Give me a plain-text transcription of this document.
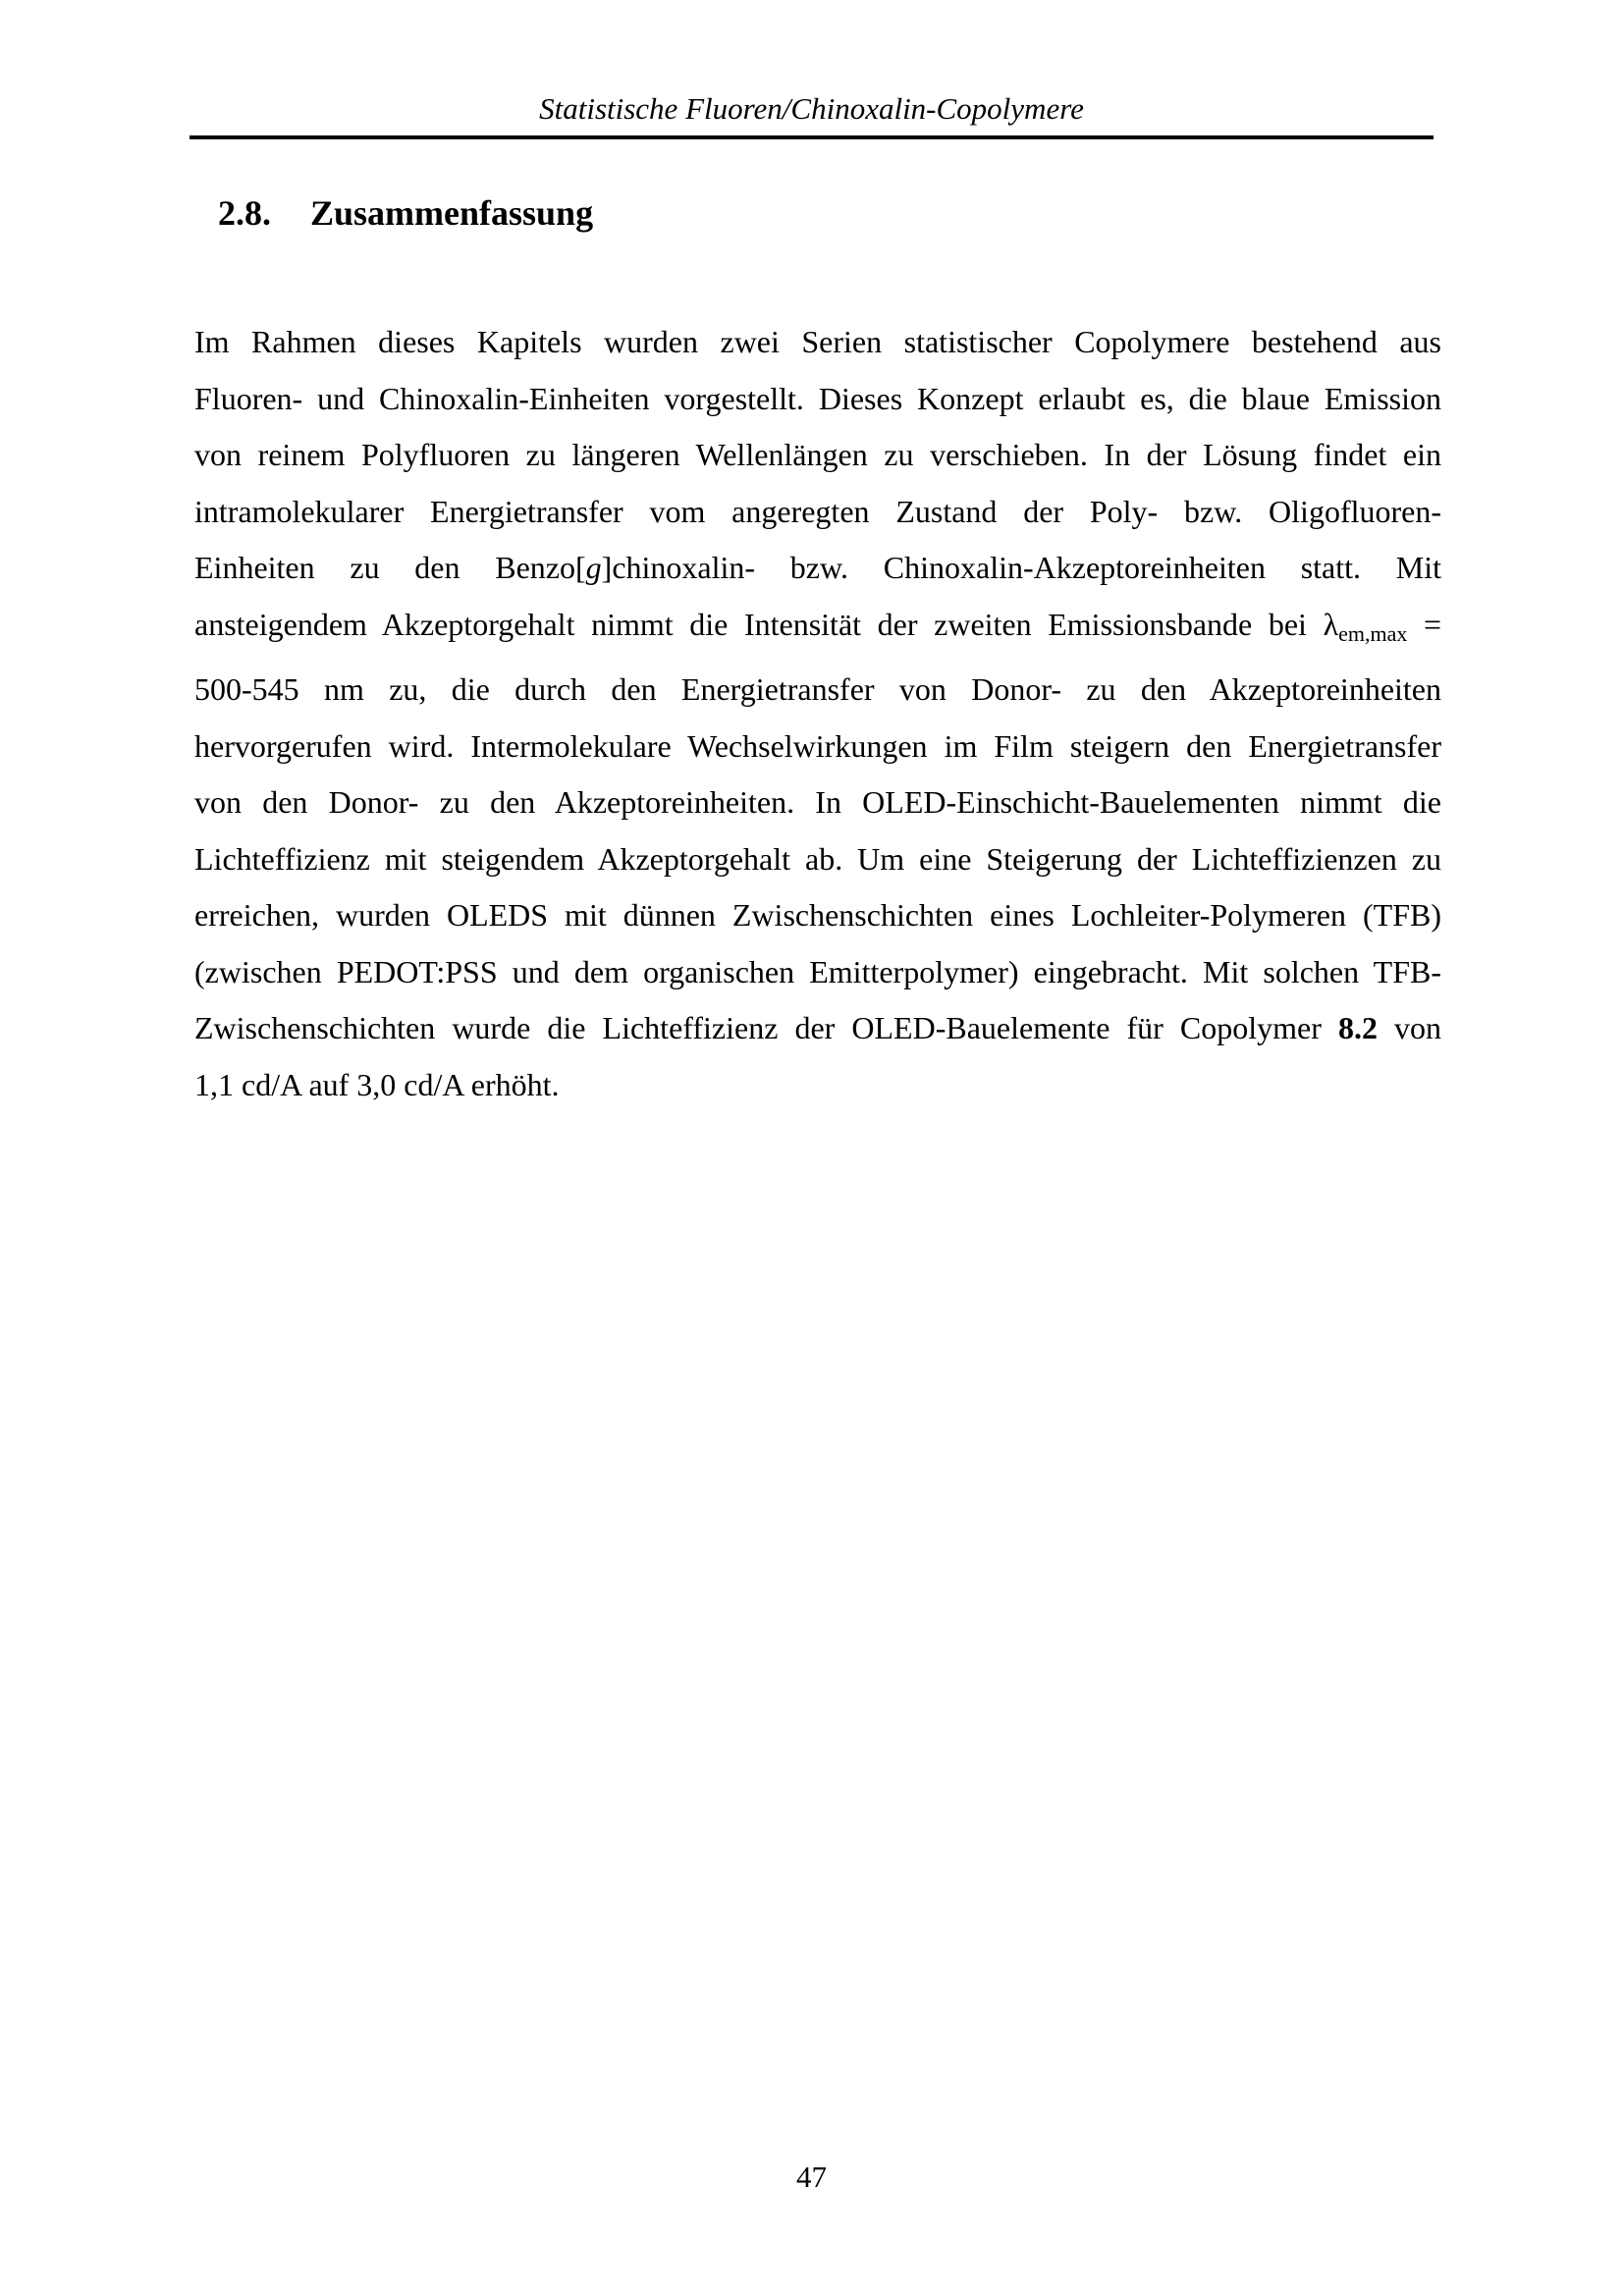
Statistische Fluoren/Chinoxalin-Copolymere
2.8. Zusammenfassung
Im Rahmen dieses Kapitels wurden zwei Serien statistischer Copolymere bestehend aus
Fluoren- und Chinoxalin-Einheiten vorgestellt. Dieses Konzept erlaubt es, die blaue Emission
von reinem Polyfluoren zu längeren Wellenlängen zu verschieben. In der Lösung findet ein
intramolekularer Energietransfer vom angeregten Zustand der Poly- bzw. Oligofluoren-
Einheiten zu den Benzo[g]chinoxalin- bzw. Chinoxalin-Akzeptoreinheiten statt. Mit
ansteigendem Akzeptorgehalt nimmt die Intensität der zweiten Emissionsbande bei λem,max =
500-545 nm zu, die durch den Energietransfer von Donor- zu den Akzeptoreinheiten
hervorgerufen wird. Intermolekulare Wechselwirkungen im Film steigern den Energietransfer
von den Donor- zu den Akzeptoreinheiten. In OLED-Einschicht-Bauelementen nimmt die
Lichteffizienz mit steigendem Akzeptorgehalt ab. Um eine Steigerung der Lichteffizienzen zu
erreichen, wurden OLEDS mit dünnen Zwischenschichten eines Lochleiter-Polymeren (TFB)
(zwischen PEDOT:PSS und dem organischen Emitterpolymer) eingebracht. Mit solchen TFB-
Zwischenschichten wurde die Lichteffizienz der OLED-Bauelemente für Copolymer 8.2 von
1,1 cd/A auf 3,0 cd/A erhöht.
47
